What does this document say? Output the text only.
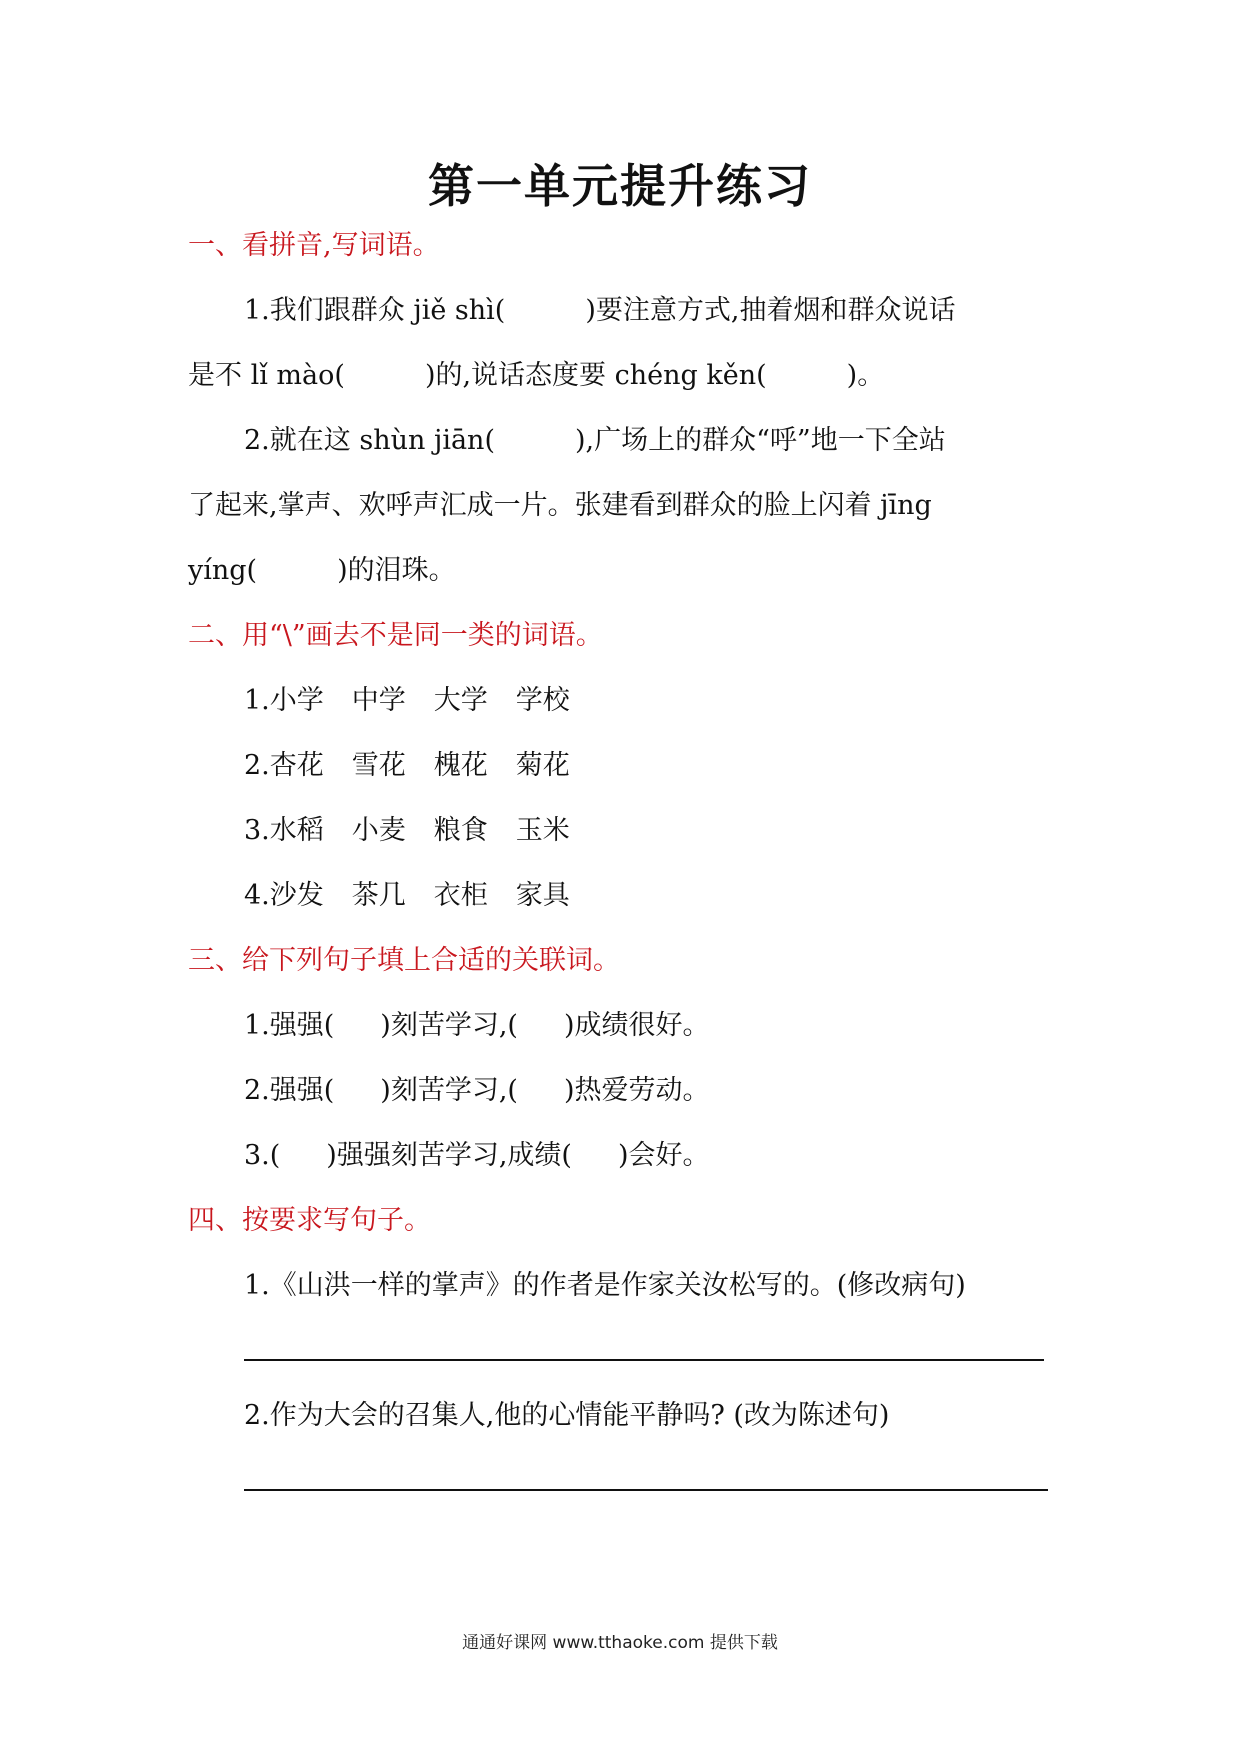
第一单元提升练习
一、看拼音,写词语。
1.我们跟群众 jiě shì(	)要注意方式,抽着烟和群众说话
是不 lǐ mào(	)的,说话态度要 chéng kěn(	)。
2.就在这 shùn jiān(	),广场上的群众“呼”地一下全站
了起来,掌声、欢呼声汇成一片。张建看到群众的脸上闪着 jīng
yíng(	)的泪珠。
二、用“\”画去不是同一类的词语。
1.小学 中学 大学 学校
2.杏花 雪花 槐花 菊花
3.水稻 小麦 粮食 玉米
4.沙发 茶几 衣柜 家具
三、给下列句子填上合适的关联词。
1.强强( )刻苦学习,( )成绩很好。
2.强强( )刻苦学习,( )热爱劳动。
3.( )强强刻苦学习,成绩( )会好。
四、按要求写句子。
1.《山洪一样的掌声》的作者是作家关汝松写的。(修改病句)
2.作为大会的召集人,他的心情能平静吗? (改为陈述句)
通通好课网 www.tthaoke.com 提供下载
